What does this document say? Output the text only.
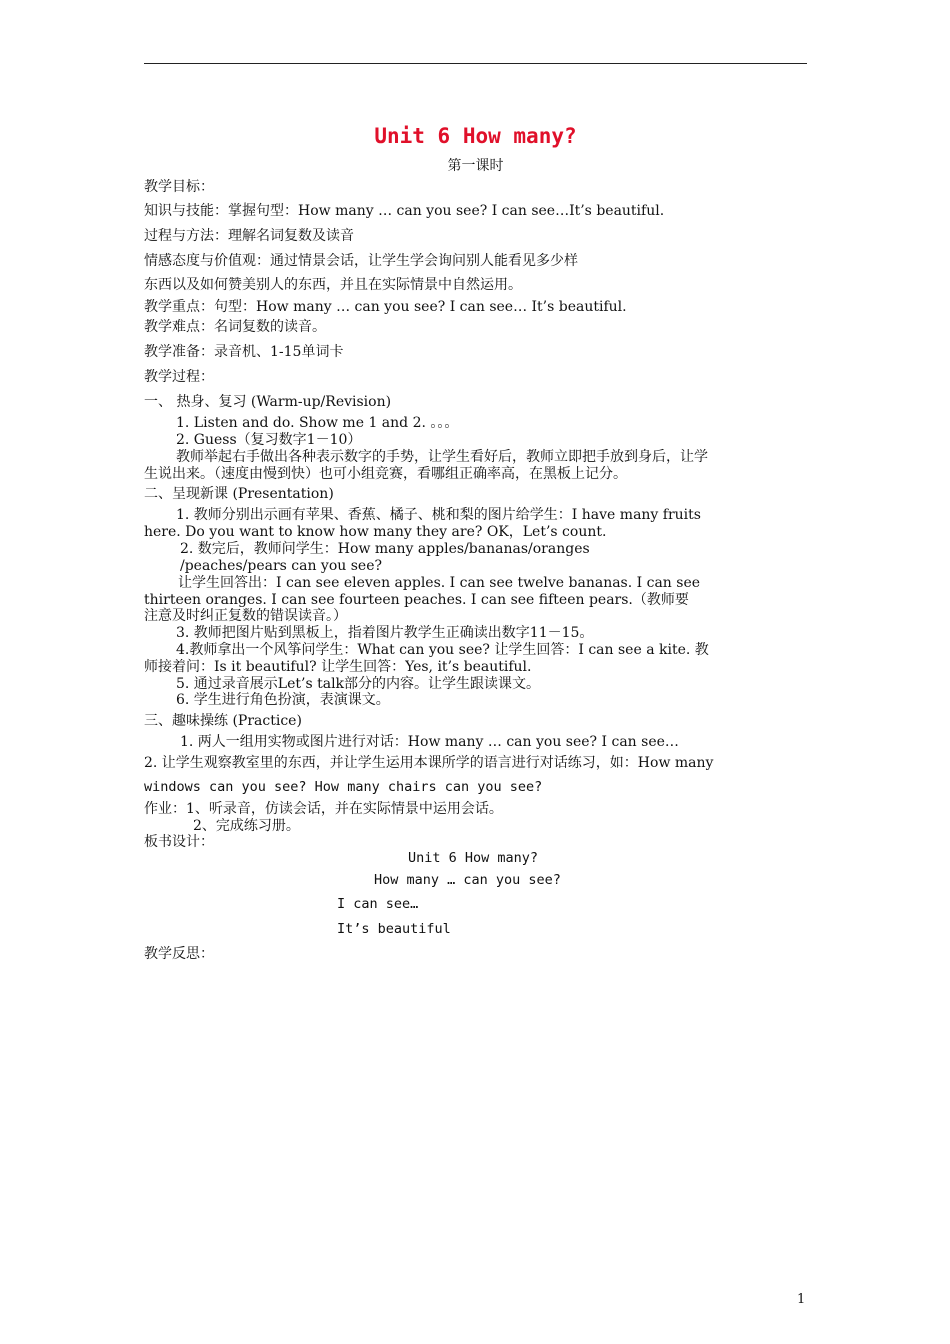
Unit 6 How many?
第一课时
教学目标：
知识与技能：掌握句型：How many … can you see? I can see…It’s beautiful.
过程与方法：理解名词复数及读音
情感态度与价值观：通过情景会话，让学生学会询问别人能看见多少样
东西以及如何赞美别人的东西，并且在实际情景中自然运用。
教学重点：句型：How many … can you see? I can see… It’s beautiful.
教学难点：名词复数的读音。
教学准备：录音机、1-15单词卡
教学过程：
一、 热身、复习 (Warm-up/Revision)
1. Listen and do. Show me 1 and 2. 。。。
2. Guess（复习数字1－10）
教师举起右手做出各种表示数字的手势，让学生看好后，教师立即把手放到身后，让学
生说出来。（速度由慢到快）也可小组竞赛，看哪组正确率高，在黑板上记分。
二、呈现新课 (Presentation)
1. 教师分别出示画有苹果、香蕉、橘子、桃和梨的图片给学生：I have many fruits
here. Do you want to know how many they are? OK，Let’s count.
2. 数完后，教师问学生：How many apples/bananas/oranges
/peaches/pears can you see?
让学生回答出：I can see eleven apples. I can see twelve bananas. I can see
thirteen oranges. I can see fourteen peaches. I can see fifteen pears.（教师要
注意及时纠正复数的错误读音。）
3. 教师把图片贴到黑板上，指着图片教学生正确读出数字11－15。
4.教师拿出一个风筝问学生：What can you see? 让学生回答：I can see a kite. 教
师接着问：Is it beautiful? 让学生回答：Yes, it’s beautiful.
5. 通过录音展示Let’s talk部分的内容。让学生跟读课文。
6. 学生进行角色扮演，表演课文。
三、趣味操练 (Practice)
1. 两人一组用实物或图片进行对话：How many … can you see? I can see…
2. 让学生观察教室里的东西，并让学生运用本课所学的语言进行对话练习，如：How many
windows can you see? How many chairs can you see?
作业：1、听录音，仿读会话，并在实际情景中运用会话。
2、完成练习册。
板书设计：
Unit 6 How many?
How many … can you see?
I can see…
It’s beautiful
教学反思：
1
